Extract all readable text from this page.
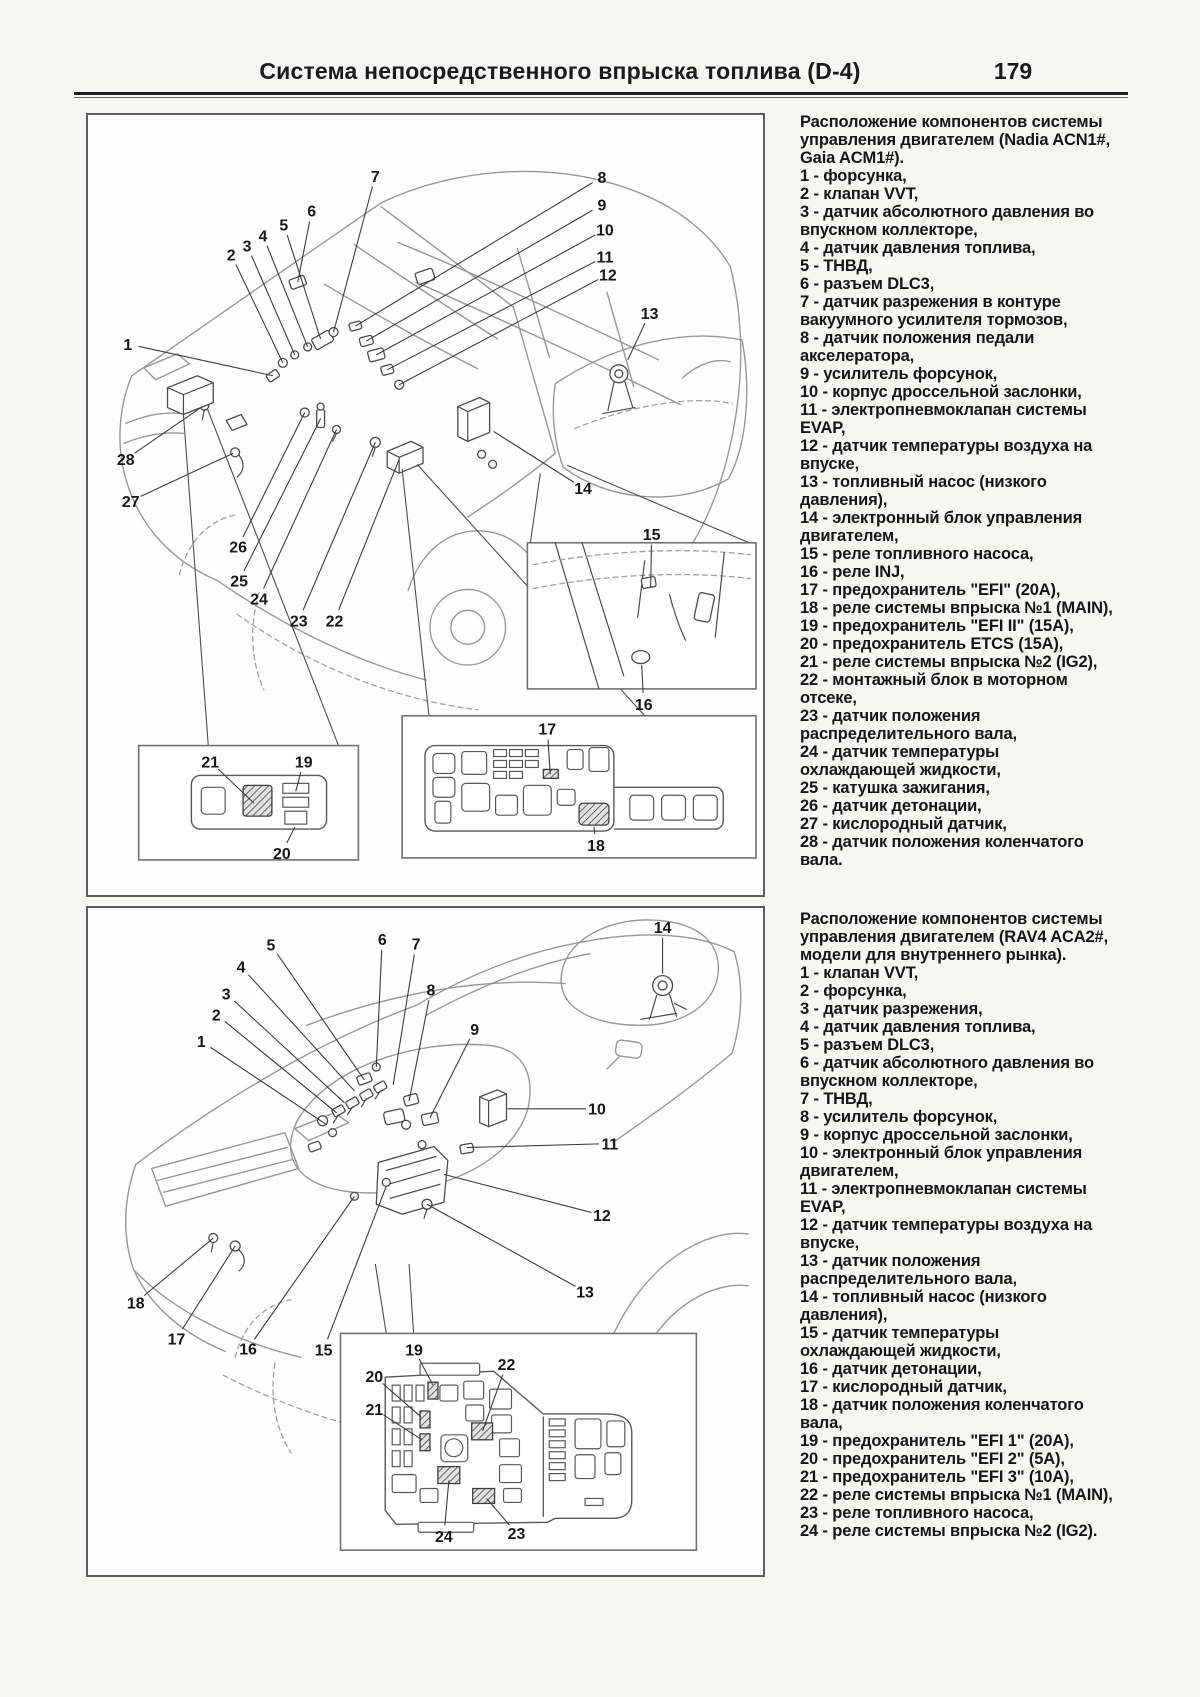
Система непосредственного впрыска топлива (D-4)	179
1
2
3
4
5
6
7	8
9
10
11
12
13
14
15
16
17
18
19
20
21
22
23
24
25
26
27
28
1
2
3
4
5	6 7
8
9
10
11
12
13
14
15
16
17
18
19
20
21
22
23
24

Расположение компонентов системы управления двигателем (Nadia ACN1#, Gaia ACM1#).

1 - форсунка,

2 - клапан VVT,

3 - датчик абсолютного давления во впускном коллекторе,

4 - датчик давления топлива,

5 - ТНВД,

6 - разъем DLC3,

7 - датчик разрежения в контуре вакуумного усилителя тормозов,

8 - датчик положения педали акселератора,

9 - усилитель форсунок,

10 - корпус дроссельной заслонки,

11 - электропневмоклапан системы EVAP,

12 - датчик температуры воздуха на впуске,

13 - топливный насос (низкого давления),

14 - электронный блок управления двигателем,

15 - реле топливного насоса,

16 - реле INJ,

17 - предохранитель "EFI" (20A),

18 - реле системы впрыска №1 (MAIN),

19 - предохранитель "EFI II" (15A),

20 - предохранитель ETCS (15A),

21 - реле системы впрыска №2 (IG2),

22 - монтажный блок в моторном отсеке,

23 - датчик положения распределительного вала,

24 - датчик температуры охлаждающей жидкости,

25 - катушка зажигания,

26 - датчик детонации,

27 - кислородный датчик,

28 - датчик положения коленчатого вала.

Расположение компонентов системы управления двигателем (RAV4 ACA2#, модели для внутреннего рынка).

1 - клапан VVT,

2 - форсунка,

3 - датчик разрежения,

4 - датчик давления топлива,

5 - разъем DLC3,

6 - датчик абсолютного давления во впускном коллекторе,

7 - ТНВД,

8 - усилитель форсунок,

9 - корпус дроссельной заслонки,

10 - электронный блок управления двигателем,

11 - электропневмоклапан системы EVAP,

12 - датчик температуры воздуха на впуске,

13 - датчик положения распределительного вала,

14 - топливный насос (низкого давления),

15 - датчик температуры охлаждающей жидкости,

16 - датчик детонации,

17 - кислородный датчик,

18 - датчик положения коленчатого вала,

19 - предохранитель "EFI 1" (20A),

20 - предохранитель "EFI 2" (5A),

21 - предохранитель "EFI 3" (10A),

22 - реле системы впрыска №1 (MAIN),

23 - реле топливного насоса,

24 - реле системы впрыска №2 (IG2).
